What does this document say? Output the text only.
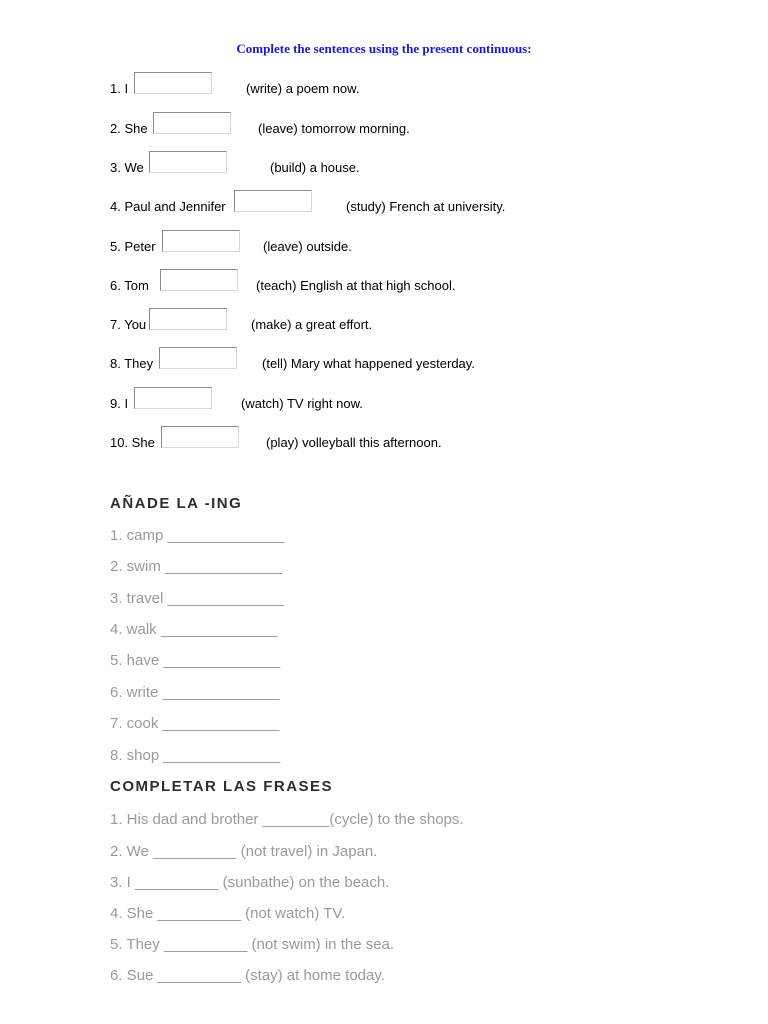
Complete the sentences using the present continuous:
1. I	(write) a poem now.
2. She	(leave) tomorrow morning.
3. We	(build) a house.
4. Paul and Jennifer	(study) French at university.
5. Peter	(leave) outside.
6. Tom	(teach) English at that high school.
7. You	(make) a great effort.
8. They	(tell) Mary what happened yesterday.
9. I	(watch) TV right now.
10. She	(play) volleyball this afternoon.
AÑADE LA -ING
1. camp ______________
2. swim ______________
3. travel ______________
4. walk ______________
5. have ______________
6. write ______________
7. cook ______________
8. shop ______________
COMPLETAR LAS FRASES
1. His dad and brother ________(cycle) to the shops.
2. We __________ (not travel) in Japan.
3. I __________ (sunbathe) on the beach.
4. She __________ (not watch) TV.
5. They __________ (not swim) in the sea.
6. Sue __________ (stay) at home today.
